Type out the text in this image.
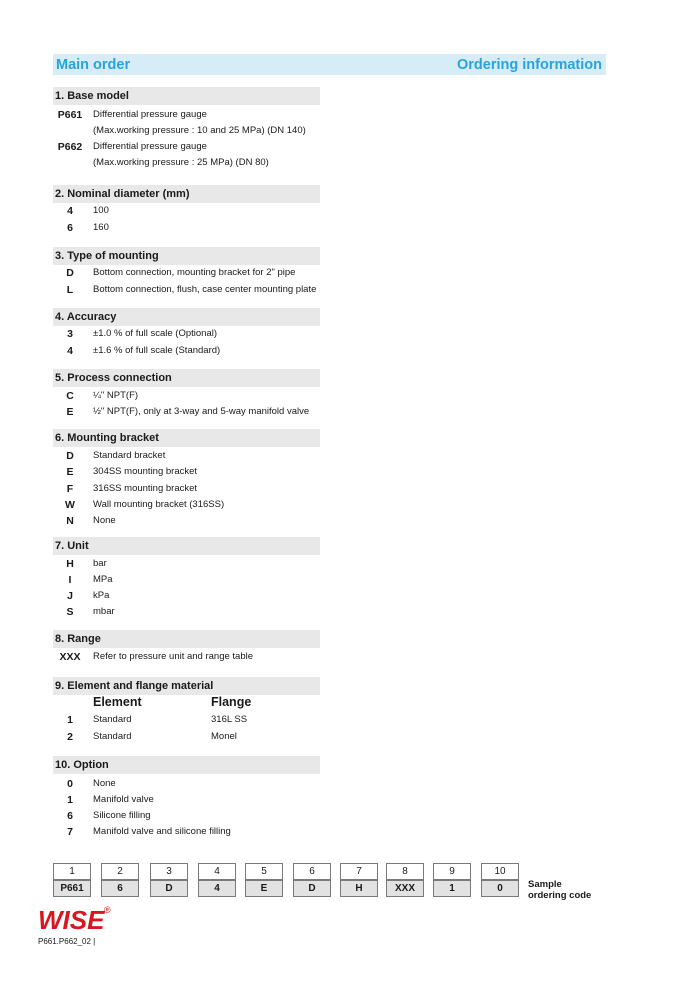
Main order	Ordering information
1. Base model
P661	Differential pressure gauge
(Max.working pressure : 10 and 25 MPa) (DN 140)
P662	Differential pressure gauge
(Max.working pressure : 25 MPa) (DN 80)
2. Nominal diameter (mm)
4	100
6	160
3. Type of mounting
D	Bottom connection, mounting bracket for 2" pipe
L	Bottom connection, flush, case center mounting plate
4. Accuracy
3	±1.0 % of full scale (Optional)
4	±1.6 % of full scale (Standard)
5. Process connection
C	¼" NPT(F)
E	½" NPT(F), only at 3-way and 5-way manifold valve
6. Mounting bracket
D	Standard bracket
E	304SS mounting bracket
F	316SS mounting bracket
W	Wall mounting bracket (316SS)
N	None
7. Unit
H	bar
I	MPa
J	kPa
S	mbar
8. Range
XXX	Refer to pressure unit and range table
9. Element and flange material
Element	Flange
1	Standard	316L SS
2	Standard	Monel
10. Option
0	None
1	Manifold valve
6	Silicone filling
7	Manifold valve and silicone filling
1	2	3	4	5	6	7	8	9	10
P661	6	D	4	E	D	H	XXX	1	0	Sample
ordering code
WISE ®
P661.P662_02 |
